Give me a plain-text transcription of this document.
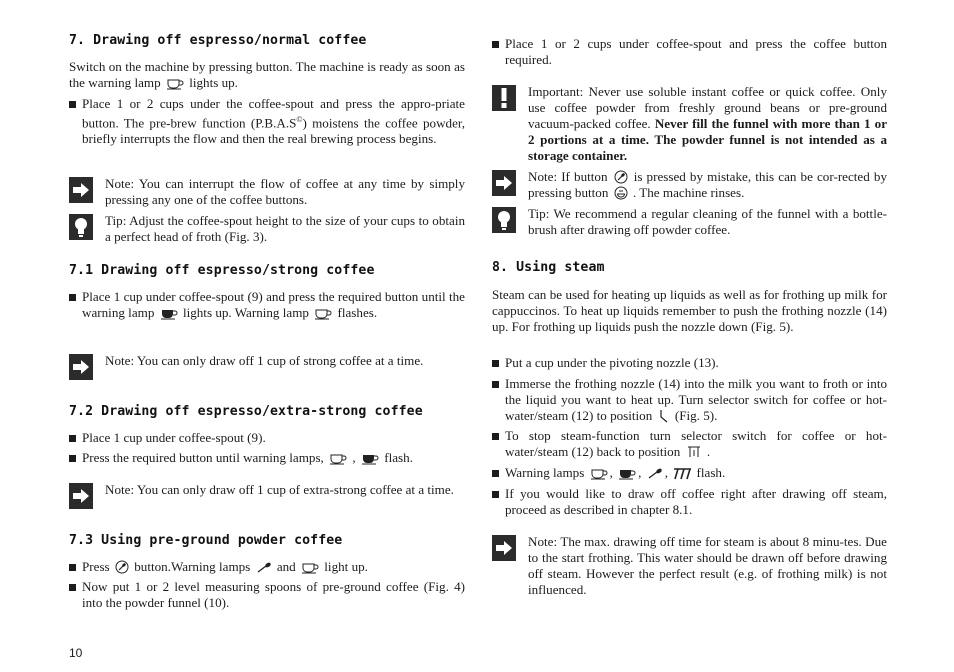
7. Drawing off espresso/normal coffee

Switch on the machine by pressing button. The machine is ready as soon as the warning lamp lights up.

Place 1 or 2 cups under the coffee-spout and press the appro-priate button. The pre-brew function (P.B.A.S©) moistens the coffee powder, briefly interrupts the flow and then the real brewing process begins.

Note: You can interrupt the flow of coffee at any time by simply pressing any one of the coffee buttons.
Tip: Adjust the coffee-spout height to the size of your cups to obtain a perfect head of froth (Fig. 3).
7.1 Drawing off espresso/strong coffee

Place 1 cup under coffee-spout (9) and press the required button until the warning lamp lights up. Warning lamp flashes.

Note: You can only draw off 1 cup of strong coffee at a time.
7.2 Drawing off espresso/extra-strong coffee

Place 1 cup under coffee-spout (9).

Press the required button until warning lamps, , flash.

Note: You can only draw off 1 cup of extra-strong coffee at a time.
7.3 Using pre-ground powder coffee

Press button.Warning lamps and light up.

Now put 1 or 2 level measuring spoons of pre-ground coffee (Fig. 4) into the powder funnel (10).

Place 1 or 2 cups under coffee-spout and press the coffee button required.

Important: Never use soluble instant coffee or quick coffee. Only use coffee powder from freshly ground beans or pre-ground vacuum-packed coffee. Never fill the funnel with more than 1 or 2 portions at a time. The powder funnel is not intended as a storage container.
Note: If button is pressed by mistake, this can be cor-rected by pressing button . The machine rinses.
Tip: We recommend a regular cleaning of the funnel with a bottle-brush after drawing off powder coffee.
8. Using steam

Steam can be used for heating up liquids as well as for frothing up milk for cappuccinos. To heat up liquids remember to push the frothing nozzle (14) up. For frothing up liquids push the nozzle down (Fig. 5).

Put a cup under the pivoting nozzle (13).

Immerse the frothing nozzle (14) into the milk you want to froth or into the liquid you want to heat up. Turn selector switch for coffee or hot-water/steam (12) to position (Fig. 5).

To stop steam-function turn selector switch for coffee or hot-water/steam (12) back to position .

Warning lamps , , ,  flash.

If you would like to draw off coffee right after drawing off steam, proceed as described in chapter 8.1.

Note: The max. drawing off time for steam is about 8 minu-tes. Due to the start frothing. This water should be drawn off before drawing off steam. However the perfect result (e.g. of frothing milk) is not influenced.
10
